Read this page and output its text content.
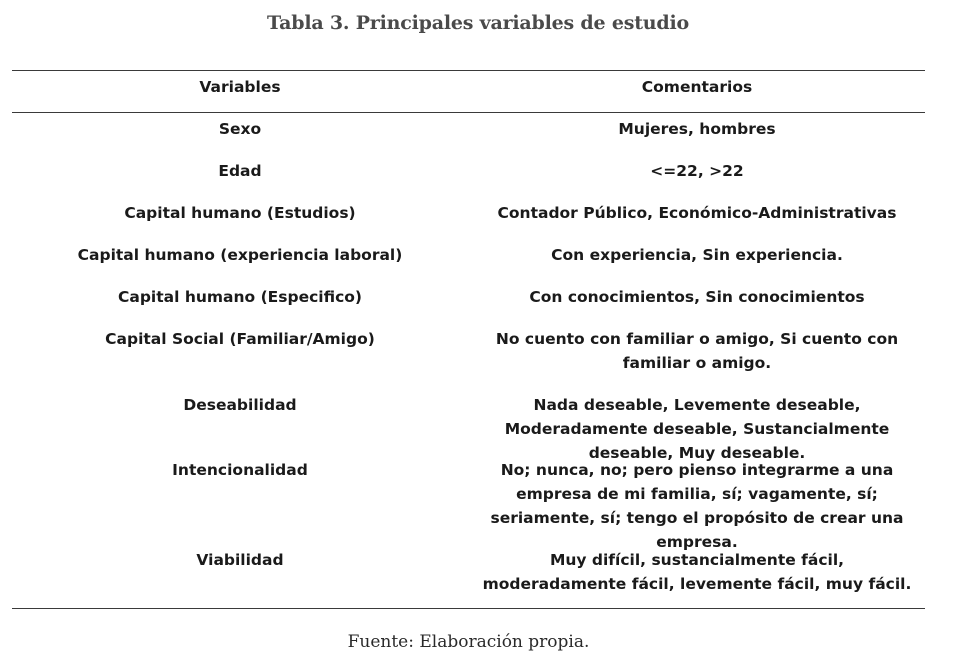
Tabla 3. Principales variables de estudio
Variables	Comentarios
Sexo	Mujeres, hombres
Edad	<=22, >22
Capital humano (Estudios)	Contador Público, Económico-Administrativas
Capital humano (experiencia laboral)	Con experiencia, Sin experiencia.
Capital humano (Especifico)	Con conocimientos, Sin conocimientos
Capital Social (Familiar/Amigo)	No cuento con familiar o amigo, Si cuento con familiar o amigo.
Deseabilidad	Nada deseable, Levemente deseable, Moderadamente deseable, Sustancialmente deseable, Muy deseable.
Intencionalidad	No; nunca, no; pero pienso integrarme a una empresa de mi familia, sí; vagamente, sí; seriamente, sí; tengo el propósito de crear una empresa.
Viabilidad	Muy difícil, sustancialmente fácil, moderadamente fácil, levemente fácil, muy fácil.
Fuente: Elaboración propia.
